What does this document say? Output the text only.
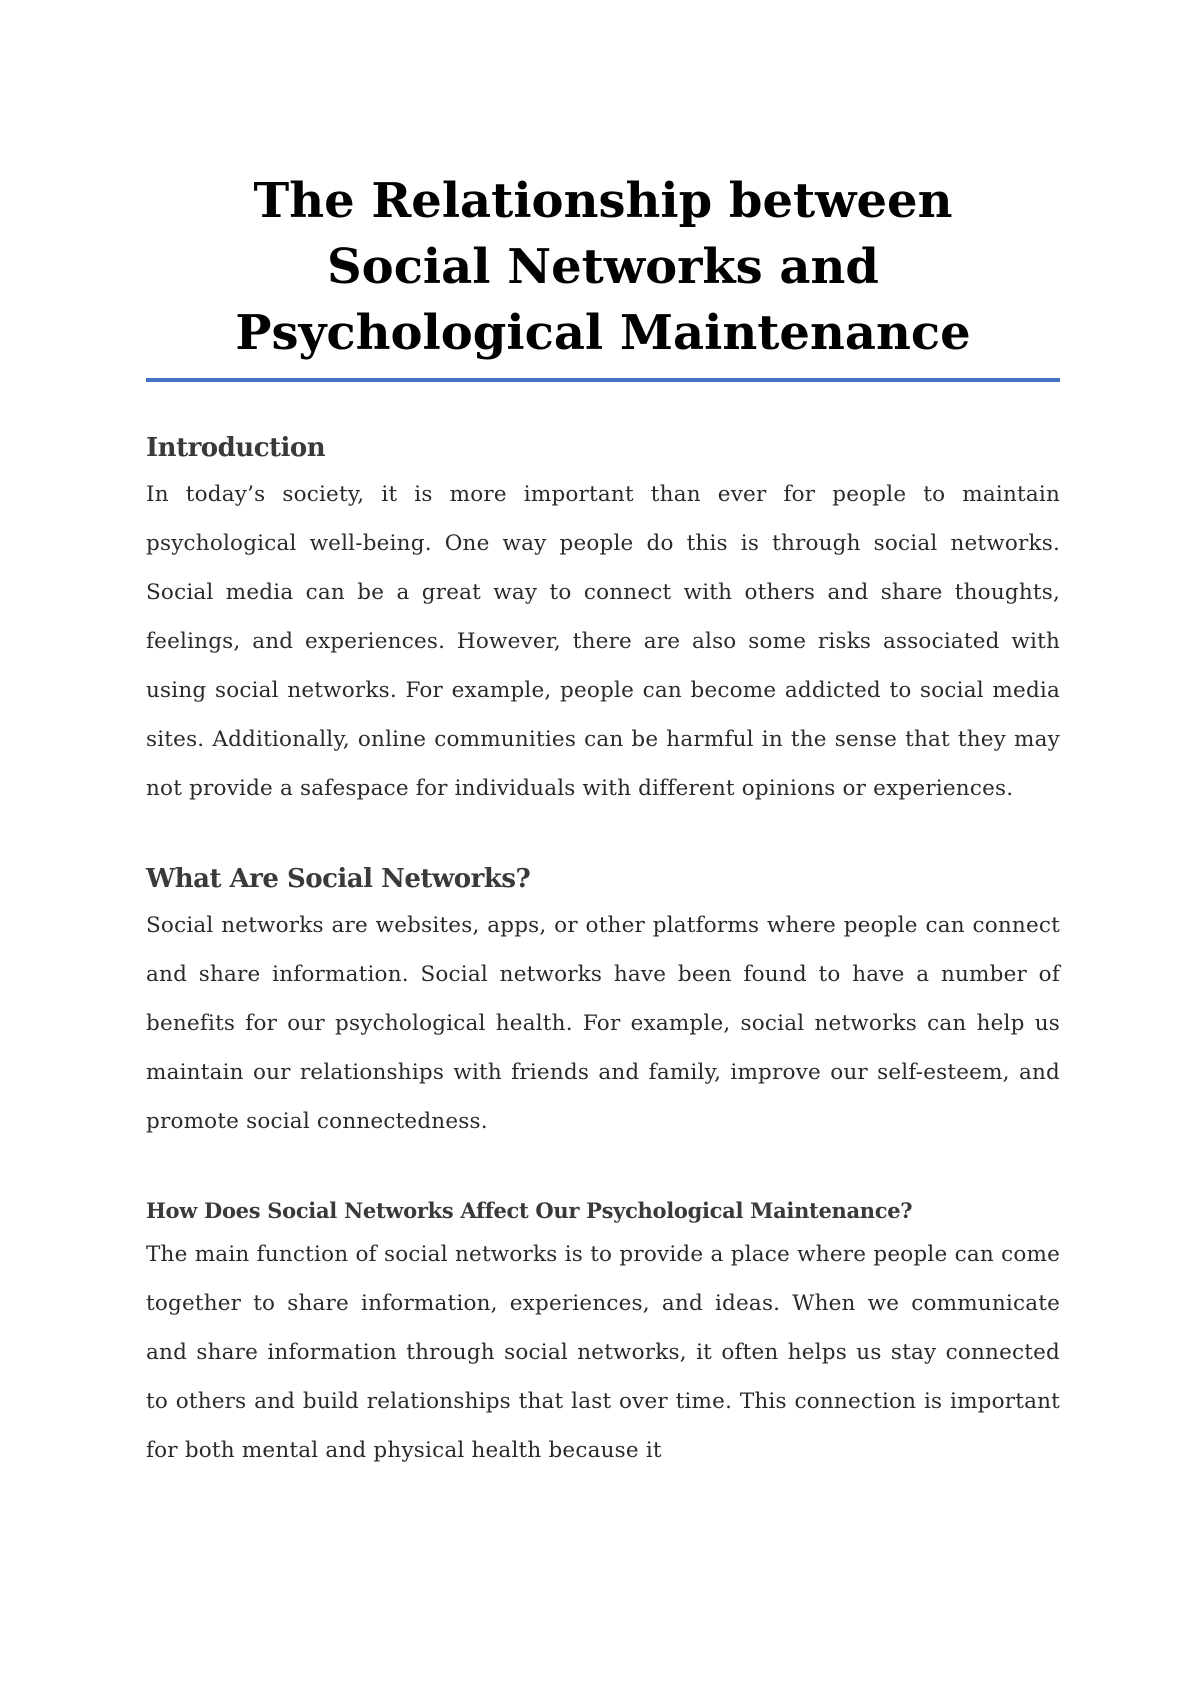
The Relationship between Social Networks and Psychological Maintenance
Introduction

In today’s society, it is more important than ever for people to maintain psychological well-being. One way people do this is through social networks. Social media can be a great way to connect with others and share thoughts, feelings, and experiences. However, there are also some risks associated with using social networks. For example, people can become addicted to social media sites. Additionally, online communities can be harmful in the sense that they may not provide a safespace for individuals with different opinions or experiences.

What Are Social Networks?

Social networks are websites, apps, or other platforms where people can connect and share information. Social networks have been found to have a number of benefits for our psychological health. For example, social networks can help us maintain our relationships with friends and family, improve our self-esteem, and promote social connectedness.

How Does Social Networks Affect Our Psychological Maintenance?

The main function of social networks is to provide a place where people can come together to share information, experiences, and ideas. When we communicate and share information through social networks, it often helps us stay connected to others and build relationships that last over time. This connection is important for both mental and physical health because it
